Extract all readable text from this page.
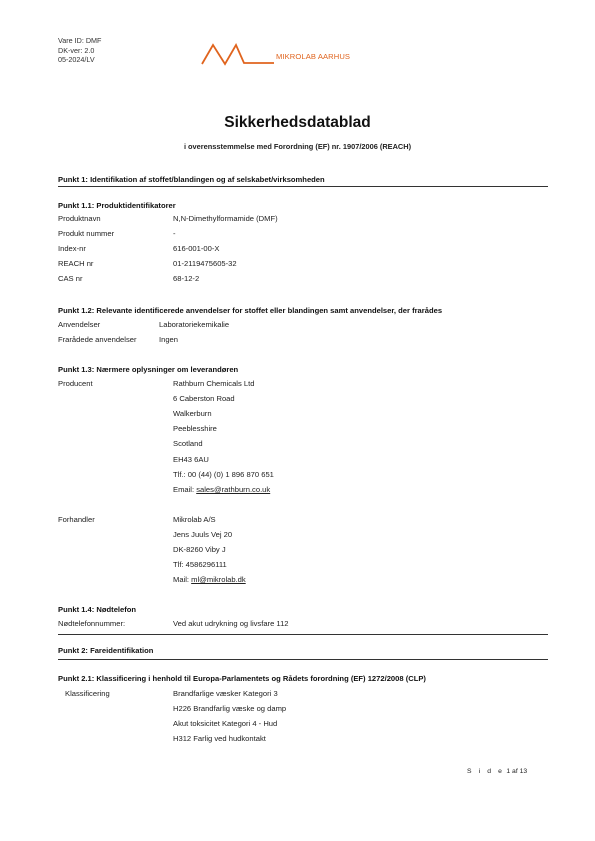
Vare ID: DMF
DK-ver: 2.0
05-2024/LV	MIKROLAB AARHUS
Sikkerhedsdatablad
i overensstemmelse med Forordning (EF) nr. 1907/2006 (REACH)
Punkt 1: Identifikation af stoffet/blandingen og af selskabet/virksomheden
Punkt 1.1: Produktidentifikatorer
Produktnavn	N,N-Dimethylformamide (DMF)
Produkt nummer	-
Index-nr	616-001-00-X
REACH nr	01-2119475605-32
CAS nr	68-12-2
Punkt 1.2: Relevante identificerede anvendelser for stoffet eller blandingen samt anvendelser, der frarådes
Anvendelser	Laboratoriekemikalie
Frarådede anvendelser	Ingen
Punkt 1.3: Nærmere oplysninger om leverandøren
Producent	Rathburn Chemicals Ltd
6 Caberston Road
Walkerburn
Peeblesshire
Scotland
EH43 6AU
Tlf.: 00 (44) (0) 1 896 870 651
Email: sales@rathburn.co.uk
Forhandler	Mikrolab A/S
Jens Juuls Vej 20
DK-8260 Viby J
Tlf: 4586296111
Mail: ml@mikrolab.dk
Punkt 1.4: Nødtelefon
Nødtelefonnummer:	Ved akut udrykning og livsfare 112
Punkt 2: Fareidentifikation
Punkt 2.1: Klassificering i henhold til Europa-Parlamentets og Rådets forordning (EF) 1272/2008 (CLP)
Klassificering	Brandfarlige væsker Kategori 3
H226 Brandfarlig væske og damp
Akut toksicitet Kategori 4 - Hud
H312 Farlig ved hudkontakt
S i d e 1 af 13
